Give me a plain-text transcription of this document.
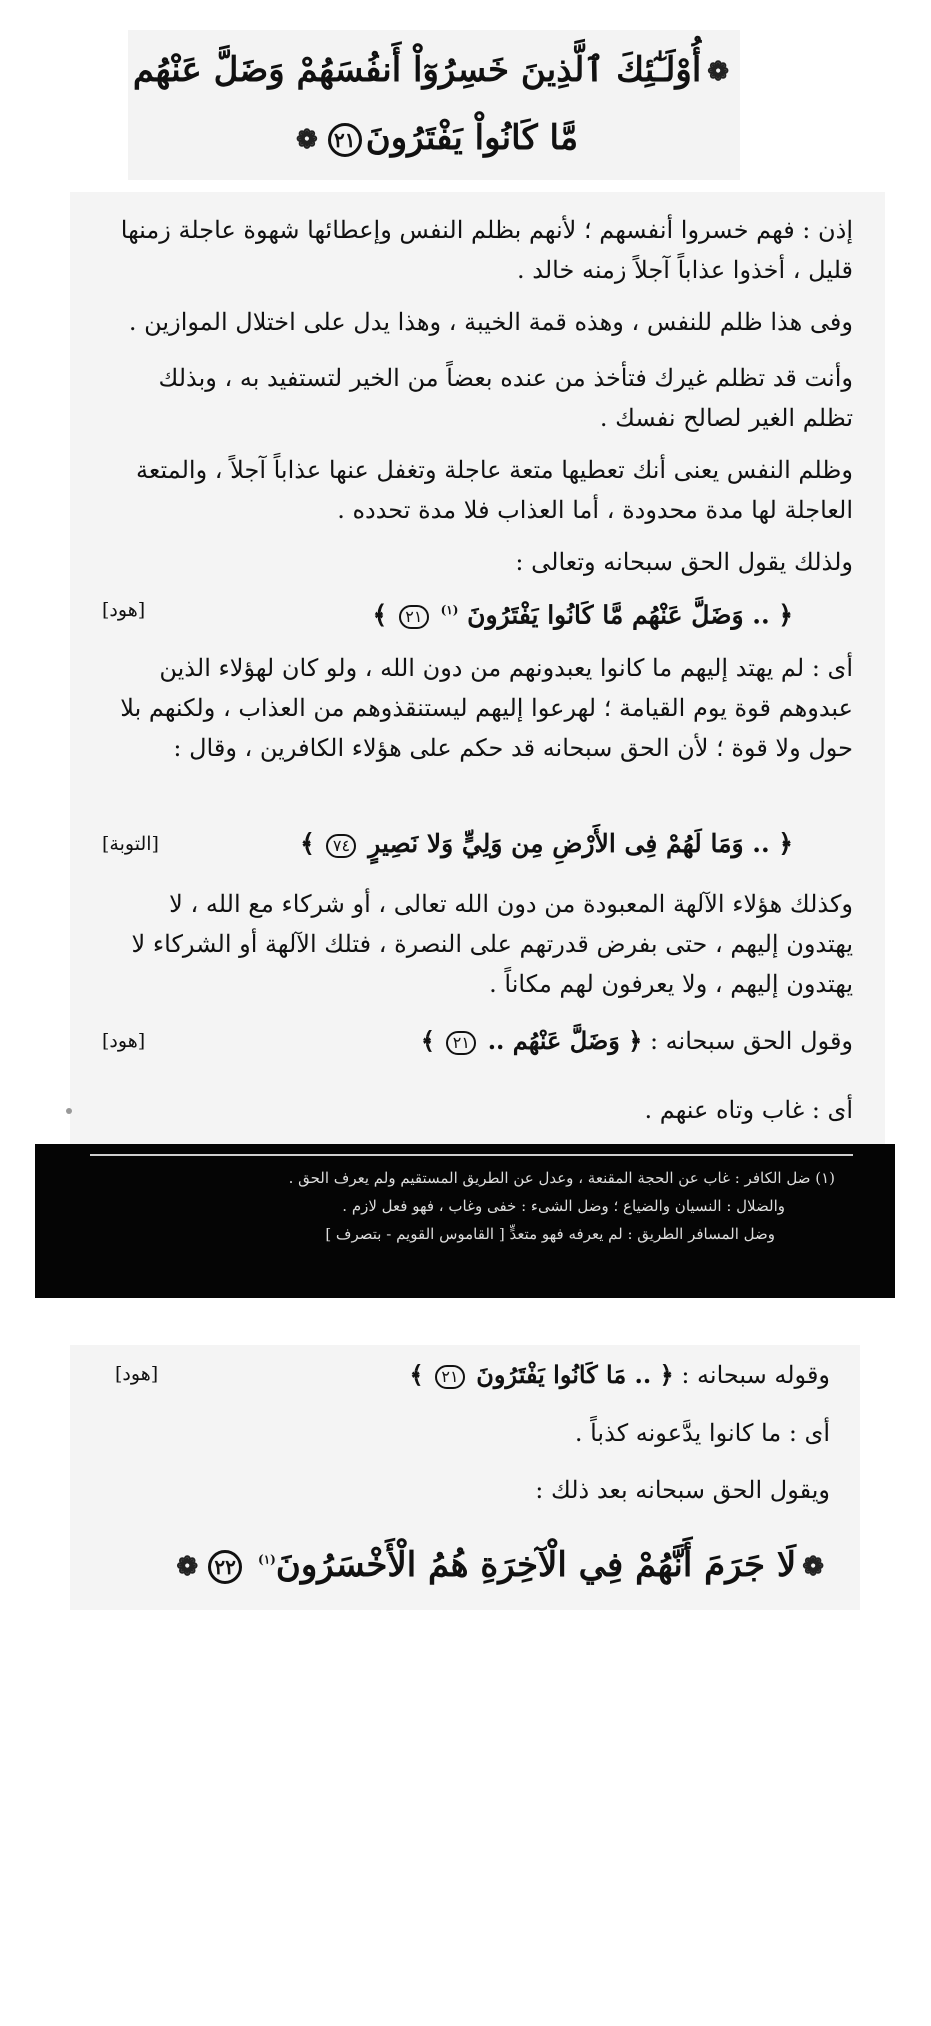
❁أُوْلَـٰٓئِكَ ٱلَّذِينَ خَسِرُوٓاْ أَنفُسَهُمْ وَضَلَّ عَنْهُم
مَّا كَانُواْ يَفْتَرُونَ٢١❁
إذن : فهم خسروا أنفسهم ؛ لأنهم بظلم النفس وإعطائها شهوة عاجلة زمنها قليل ، أخذوا عذاباً آجلاً زمنه خالد .
وفى هذا ظلم للنفس ، وهذه قمة الخيبة ، وهذا يدل على اختلال الموازين .
وأنت قد تظلم غيرك فتأخذ من عنده بعضاً من الخير لتستفيد به ، وبذلك تظلم الغير لصالح نفسك .
وظلم النفس يعنى أنك تعطيها متعة عاجلة وتغفل عنها عذاباً آجلاً ، والمتعة العاجلة لها مدة محدودة ، أما العذاب فلا مدة تحدده .
ولذلك يقول الحق سبحانه وتعالى :
[هود]	﴿ .. وَضَلَّ عَنْهُم مَّا كَانُوا يَفْتَرُونَ $^{(١)}$ ٢١ ﴾
أى : لم يهتد إليهم ما كانوا يعبدونهم من دون الله ، ولو كان لهؤلاء الذين عبدوهم قوة يوم القيامة ؛ لهرعوا إليهم ليستنقذوهم من العذاب ، ولكنهم بلا حول ولا قوة ؛ لأن الحق سبحانه قد حكم على هؤلاء الكافرين ، وقال :
[التوبة]	﴿ .. وَمَا لَهُمْ فِى الأَرْضِ مِن وَلِيٍّ وَلا نَصِيرٍ ٧٤ ﴾
وكذلك هؤلاء الآلهة المعبودة من دون الله تعالى ، أو شركاء مع الله ، لا يهتدون إليهم ، حتى بفرض قدرتهم على النصرة ، فتلك الآلهة أو الشركاء لا يهتدون إليهم ، ولا يعرفون لهم مكاناً .
[هود]	وقول الحق سبحانه : ﴿ وَضَلَّ عَنْهُم .. ٢١ ﴾
أى : غاب وتاه عنهم .
(١) ضل الكافر : غاب عن الحجة المقنعة ، وعدل عن الطريق المستقيم ولم يعرف الحق .
والضلال : النسيان والضياع ؛ وضل الشىء : خفى وغاب ، فهو فعل لازم .
وضل المسافر الطريق : لم يعرفه فهو متعدٍّ [ القاموس القويم - بتصرف ]
وقوله سبحانه : ﴿ .. مَا كَانُوا يَفْتَرُونَ ٢١ ﴾
[هود]
أى : ما كانوا يدَّعونه كذباً .
ويقول الحق سبحانه بعد ذلك :
❁لَا جَرَمَ أَنَّهُمْ فِي الْآخِرَةِ هُمُ الْأَخْسَرُونَ$^{(١)}$ ٢٢❁
